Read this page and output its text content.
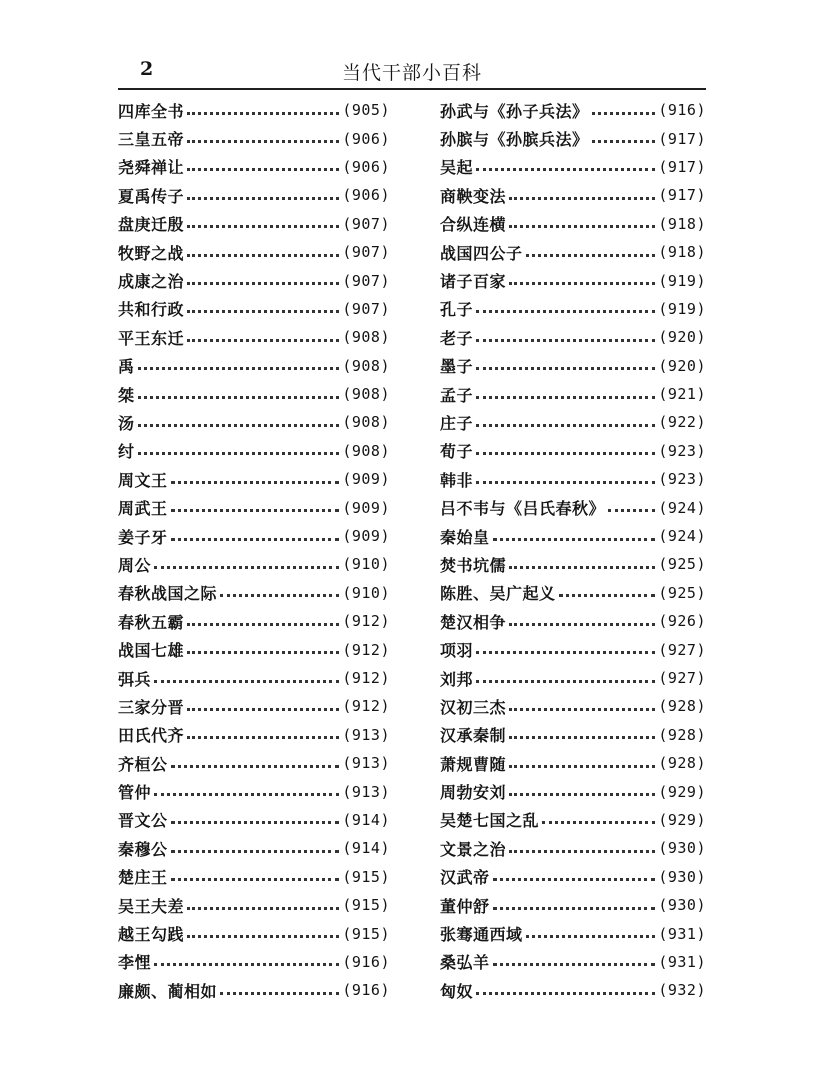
2	当代干部小百科
四库全书	(905)
三皇五帝	(906)
尧舜禅让	(906)
夏禹传子	(906)
盘庚迁殷	(907)
牧野之战	(907)
成康之治	(907)
共和行政	(907)
平王东迁	(908)
禹	(908)
桀	(908)
汤	(908)
纣	(908)
周文王	(909)
周武王	(909)
姜子牙	(909)
周公	(910)
春秋战国之际	(910)
春秋五霸	(912)
战国七雄	(912)
弭兵	(912)
三家分晋	(912)
田氏代齐	(913)
齐桓公	(913)
管仲	(913)
晋文公	(914)
秦穆公	(914)
楚庄王	(915)
吴王夫差	(915)
越王勾践	(915)
李悝	(916)
廉颇、蔺相如	(916)
孙武与《孙子兵法》	(916)
孙膑与《孙膑兵法》	(917)
吴起	(917)
商鞅变法	(917)
合纵连横	(918)
战国四公子	(918)
诸子百家	(919)
孔子	(919)
老子	(920)
墨子	(920)
孟子	(921)
庄子	(922)
荀子	(923)
韩非	(923)
吕不韦与《吕氏春秋》	(924)
秦始皇	(924)
焚书坑儒	(925)
陈胜、吴广起义	(925)
楚汉相争	(926)
项羽	(927)
刘邦	(927)
汉初三杰	(928)
汉承秦制	(928)
萧规曹随	(928)
周勃安刘	(929)
吴楚七国之乱	(929)
文景之治	(930)
汉武帝	(930)
董仲舒	(930)
张骞通西域	(931)
桑弘羊	(931)
匈奴	(932)
